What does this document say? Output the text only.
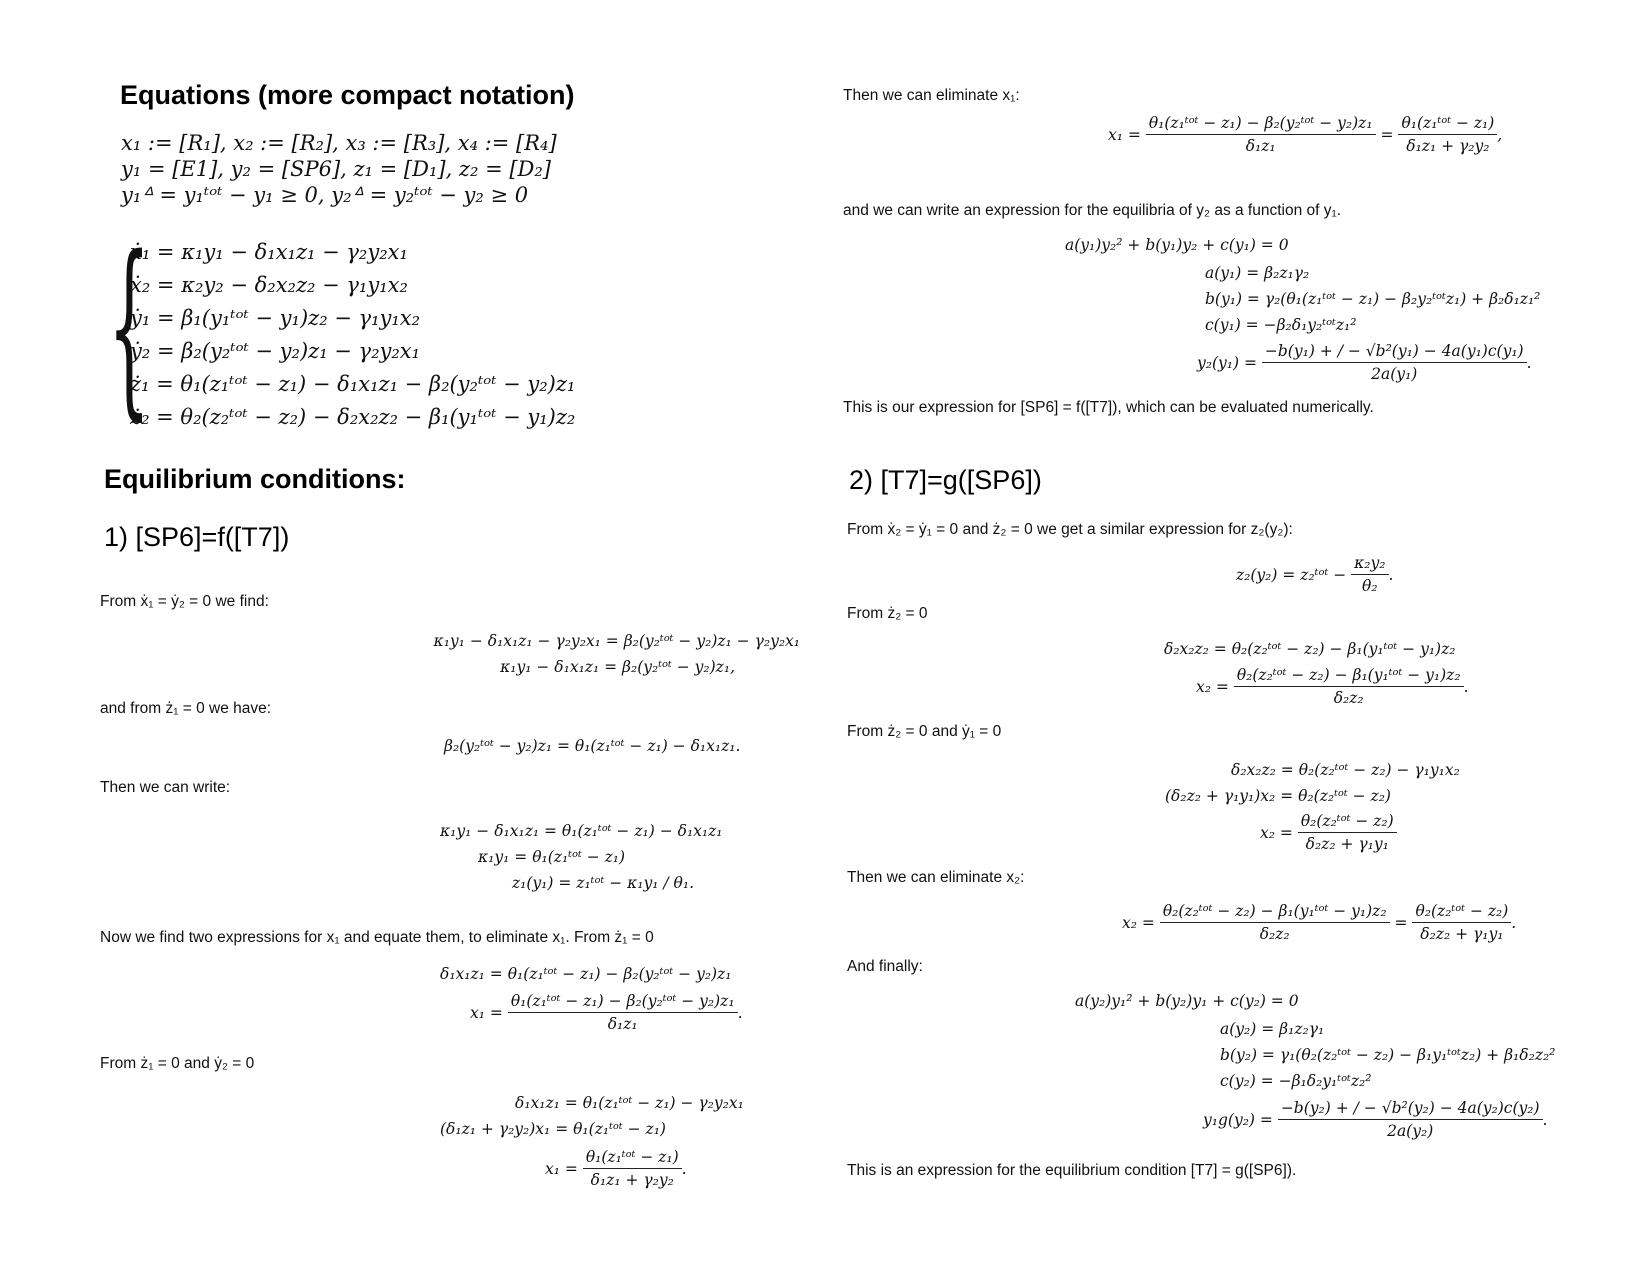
Equations (more compact notation)
x₁ := [R₁], x₂ := [R₂], x₃ := [R₃], x₄ := [R₄]
y₁ = [E1], y₂ = [SP6], z₁ = [D₁], z₂ = [D₂]
y₁ᐞ = y₁ᵗᵒᵗ − y₁ ≥ 0, y₂ᐞ = y₂ᵗᵒᵗ − y₂ ≥ 0
{
ẋ₁ = κ₁y₁ − δ₁x₁z₁ − γ₂y₂x₁
ẋ₂ = κ₂y₂ − δ₂x₂z₂ − γ₁y₁x₂
ẏ₁ = β₁(y₁ᵗᵒᵗ − y₁)z₂ − γ₁y₁x₂
ẏ₂ = β₂(y₂ᵗᵒᵗ − y₂)z₁ − γ₂y₂x₁
ż₁ = θ₁(z₁ᵗᵒᵗ − z₁) − δ₁x₁z₁ − β₂(y₂ᵗᵒᵗ − y₂)z₁
ż₂ = θ₂(z₂ᵗᵒᵗ − z₂) − δ₂x₂z₂ − β₁(y₁ᵗᵒᵗ − y₁)z₂
Equilibrium conditions:
1) [SP6]=f([T7])
From ẋ₁ = ẏ₂ = 0 we find:
κ₁y₁ − δ₁x₁z₁ − γ₂y₂x₁ = β₂(y₂ᵗᵒᵗ − y₂)z₁ − γ₂y₂x₁
κ₁y₁ − δ₁x₁z₁ = β₂(y₂ᵗᵒᵗ − y₂)z₁,
and from ż₁ = 0 we have:
β₂(y₂ᵗᵒᵗ − y₂)z₁ = θ₁(z₁ᵗᵒᵗ − z₁) − δ₁x₁z₁.
Then we can write:
κ₁y₁ − δ₁x₁z₁ = θ₁(z₁ᵗᵒᵗ − z₁) − δ₁x₁z₁
κ₁y₁ = θ₁(z₁ᵗᵒᵗ − z₁)
z₁(y₁) = z₁ᵗᵒᵗ − κ₁y₁ / θ₁.
Now we find two expressions for x₁ and equate them, to eliminate x₁. From ż₁ = 0
δ₁x₁z₁ = θ₁(z₁ᵗᵒᵗ − z₁) − β₂(y₂ᵗᵒᵗ − y₂)z₁
x₁ =
$\frac{\text{θ₁(z₁ᵗᵒᵗ − z₁) − β₂(y₂ᵗᵒᵗ − y₂)z₁}}{\text{δ₁z₁}}$ .
From ż₁ = 0 and ẏ₂ = 0
δ₁x₁z₁ = θ₁(z₁ᵗᵒᵗ − z₁) − γ₂y₂x₁
(δ₁z₁ + γ₂y₂)x₁ = θ₁(z₁ᵗᵒᵗ − z₁)
x₁ =
$\frac{\text{θ₁(z₁ᵗᵒᵗ − z₁)}}{\text{δ₁z₁ + γ₂y₂}}$ .
Then we can eliminate x₁:
x₁ =
$\frac{\text{θ₁(z₁ᵗᵒᵗ − z₁) − β₂(y₂ᵗᵒᵗ − y₂)z₁}}{\text{δ₁z₁}}$
=
$\frac{\text{θ₁(z₁ᵗᵒᵗ − z₁)}}{\text{δ₁z₁ + γ₂y₂}}$ ,
and we can write an expression for the equilibria of y₂ as a function of y₁.
a(y₁)y₂² + b(y₁)y₂ + c(y₁) = 0
a(y₁) = β₂z₁γ₂
b(y₁) = γ₂(θ₁(z₁ᵗᵒᵗ − z₁) − β₂y₂ᵗᵒᵗz₁) + β₂δ₁z₁²
c(y₁) = −β₂δ₁y₂ᵗᵒᵗz₁²
y₂(y₁) =
$\frac{\text{−b(y₁) + / − √b²(y₁) − 4a(y₁)c(y₁)}}{\text{2a(y₁)}}$ .
This is our expression for [SP6] = f([T7]), which can be evaluated numerically.
2) [T7]=g([SP6])
From ẋ₂ = ẏ₁ = 0 and ż₂ = 0 we get a similar expression for z₂(y₂):
z₂(y₂) = z₂ᵗᵒᵗ −
$\frac{\text{κ₂y₂}}{\text{θ₂}}$ .
From ż₂ = 0
δ₂x₂z₂ = θ₂(z₂ᵗᵒᵗ − z₂) − β₁(y₁ᵗᵒᵗ − y₁)z₂
x₂ =
$\frac{\text{θ₂(z₂ᵗᵒᵗ − z₂) − β₁(y₁ᵗᵒᵗ − y₁)z₂}}{\text{δ₂z₂}}$ .
From ż₂ = 0 and ẏ₁ = 0
δ₂x₂z₂ = θ₂(z₂ᵗᵒᵗ − z₂) − γ₁y₁x₂
(δ₂z₂ + γ₁y₁)x₂ = θ₂(z₂ᵗᵒᵗ − z₂)
x₂ =
$\frac{\text{θ₂(z₂ᵗᵒᵗ − z₂)}}{\text{δ₂z₂ + γ₁y₁}}$
Then we can eliminate x₂:
x₂ =
$\frac{\text{θ₂(z₂ᵗᵒᵗ − z₂) − β₁(y₁ᵗᵒᵗ − y₁)z₂}}{\text{δ₂z₂}}$
=
$\frac{\text{θ₂(z₂ᵗᵒᵗ − z₂)}}{\text{δ₂z₂ + γ₁y₁}}$ .
And finally:
a(y₂)y₁² + b(y₂)y₁ + c(y₂) = 0
a(y₂) = β₁z₂γ₁
b(y₂) = γ₁(θ₂(z₂ᵗᵒᵗ − z₂) − β₁y₁ᵗᵒᵗz₂) + β₁δ₂z₂²
c(y₂) = −β₁δ₂y₁ᵗᵒᵗz₂²
y₁g(y₂) =
$\frac{\text{−b(y₂) + / − √b²(y₂) − 4a(y₂)c(y₂)}}{\text{2a(y₂)}}$ .
This is an expression for the equilibrium condition [T7] = g([SP6]).
